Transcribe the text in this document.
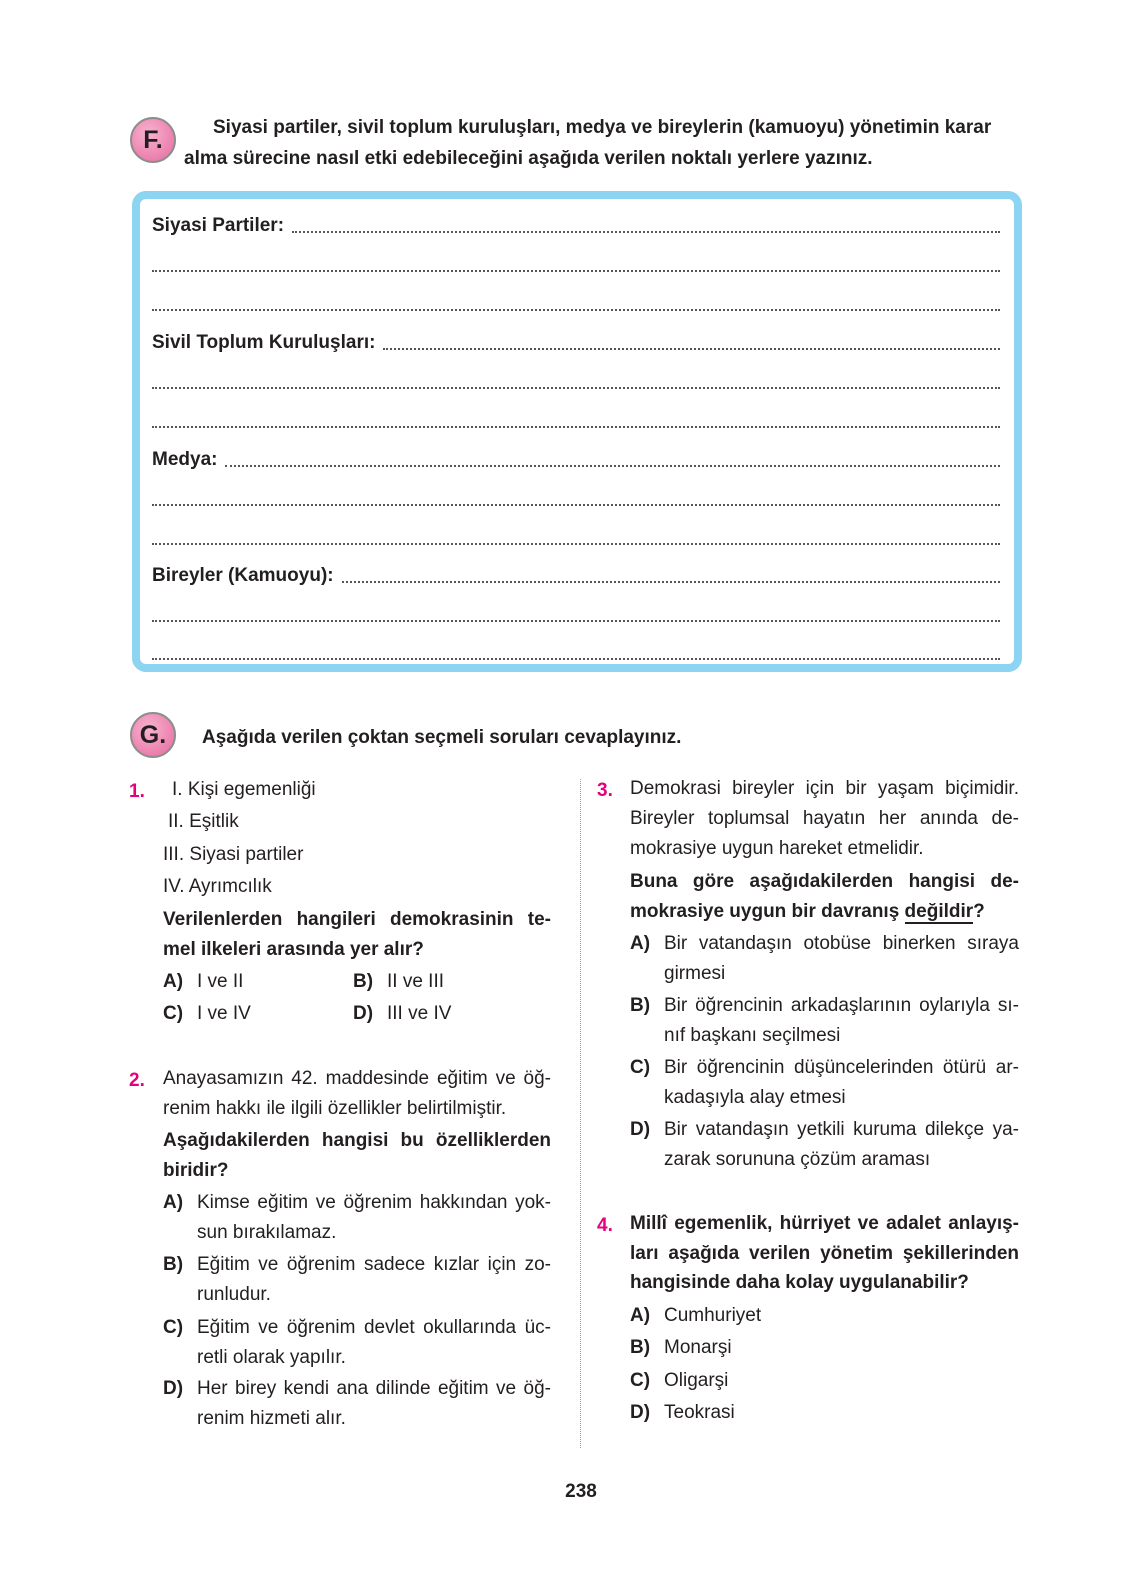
F.	Siyasi partiler, sivil toplum kuruluşları, medya ve bireylerin (kamuoyu) yönetimin karar
alma sürecine nasıl etki edebileceğini aşağıda verilen noktalı yerlere yazınız.
Siyasi Partiler:
Sivil Toplum Kuruluşları:
Medya:
Bireyler (Kamuoyu):
G. Aşağıda verilen çoktan seçmeli soruları cevaplayınız.
1. I. Kişi egemenliği
II. Eşitlik
III. Siyasi partiler
IV. Ayrımcılık
Verilenlerden hangileri demokrasinin te-
mel ilkeleri arasında yer alır?
A) I ve II	B) II ve III
C) I ve IV	D) III ve IV
2. Anayasamızın 42. maddesinde eğitim ve öğ-
renim hakkı ile ilgili özellikler belirtilmiştir.
Aşağıdakilerden hangisi bu özelliklerden
biridir?
A) Kimse eğitim ve öğrenim hakkından yok-
sun bırakılamaz.
B) Eğitim ve öğrenim sadece kızlar için zo-
runludur.
C) Eğitim ve öğrenim devlet okullarında üc-
retli olarak yapılır.
D) Her birey kendi ana dilinde eğitim ve öğ-
renim hizmeti alır.
3. Demokrasi bireyler için bir yaşam biçimidir.
Bireyler toplumsal hayatın her anında de-
mokrasiye uygun hareket etmelidir.
Buna göre aşağıdakilerden hangisi de-
mokrasiye uygun bir davranış değildir?
A) Bir vatandaşın otobüse binerken sıraya
girmesi
B) Bir öğrencinin arkadaşlarının oylarıyla sı-
nıf başkanı seçilmesi
C) Bir öğrencinin düşüncelerinden ötürü ar-
kadaşıyla alay etmesi
D) Bir vatandaşın yetkili kuruma dilekçe ya-
zarak sorununa çözüm araması
4. Millî egemenlik, hürriyet ve adalet anlayış-
ları aşağıda verilen yönetim şekillerinden
hangisinde daha kolay uygulanabilir?
A) Cumhuriyet
B) Monarşi
C) Oligarşi
D) Teokrasi
238
